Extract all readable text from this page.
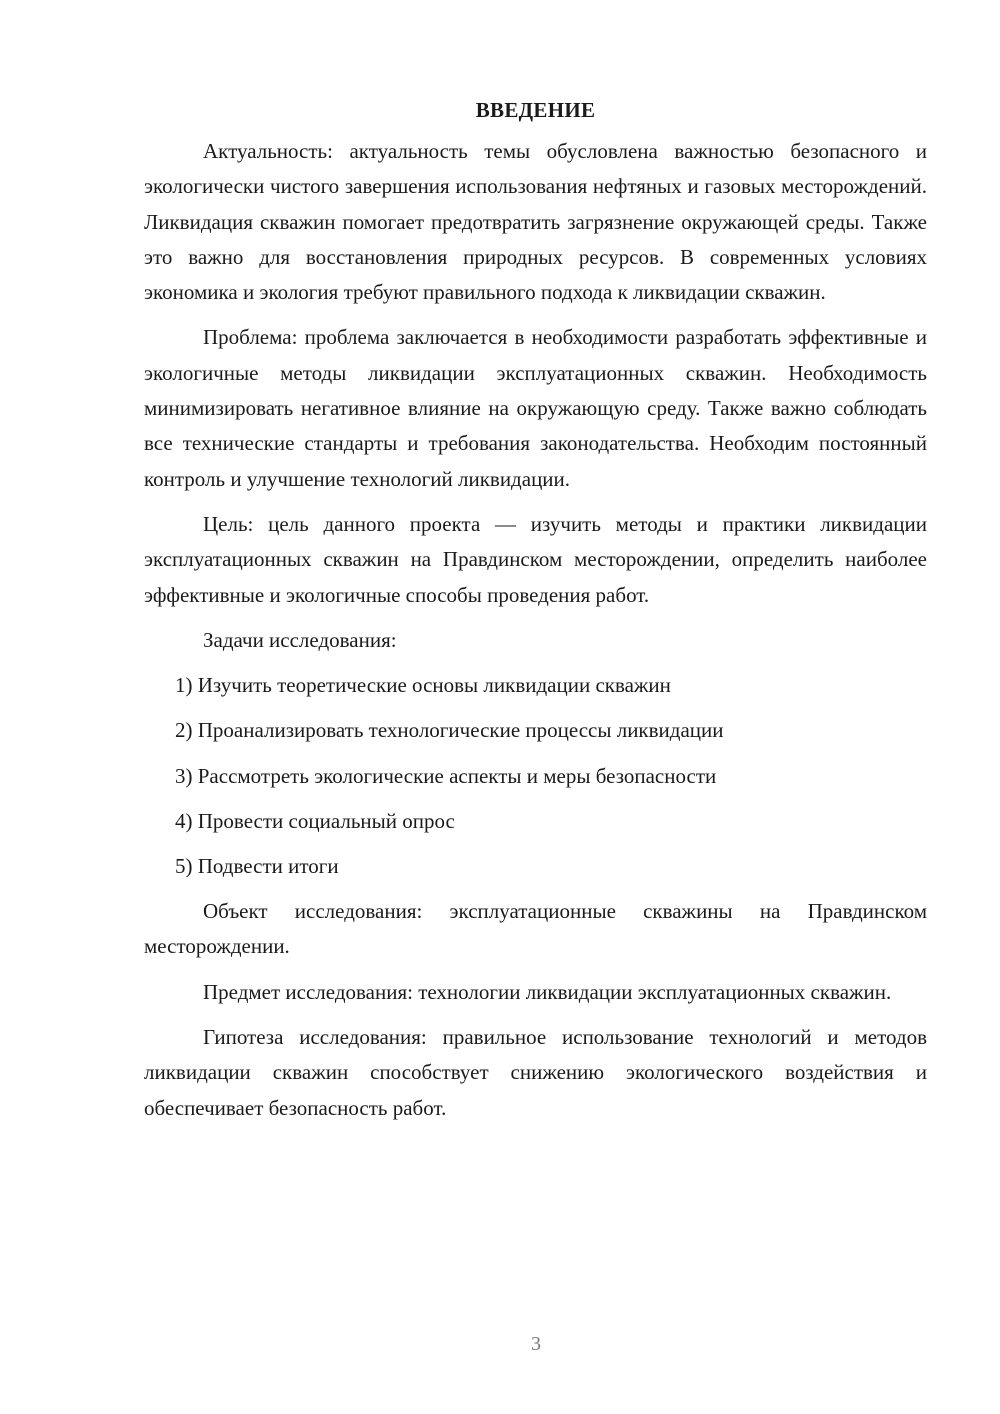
ВВЕДЕНИЕ

Актуальность: актуальность темы обусловлена важностью безопасного и экологически чистого завершения использования нефтяных и газовых месторождений. Ликвидация скважин помогает предотвратить загрязнение окружающей среды. Также это важно для восстановления природных ресурсов. В современных условиях экономика и экология требуют правильного подхода к ликвидации скважин.

Проблема: проблема заключается в необходимости разработать эффективные и экологичные методы ликвидации эксплуатационных скважин. Необходимость минимизировать негативное влияние на окружающую среду. Также важно соблюдать все технические стандарты и требования законодательства. Необходим постоянный контроль и улучшение технологий ликвидации.

Цель: цель данного проекта — изучить методы и практики ликвидации эксплуатационных скважин на Правдинском месторождении, определить наиболее эффективные и экологичные способы проведения работ.

Задачи исследования:

1) Изучить теоретические основы ликвидации скважин
2) Проанализировать технологические процессы ликвидации
3) Рассмотреть экологические аспекты и меры безопасности
4) Провести социальный опрос
5) Подвести итоги

Объект исследования: эксплуатационные скважины на Правдинском месторождении.

Предмет исследования: технологии ликвидации эксплуатационных скважин.

Гипотеза исследования: правильное использование технологий и методов ликвидации скважин способствует снижению экологического воздействия и обеспечивает безопасность работ.

3
